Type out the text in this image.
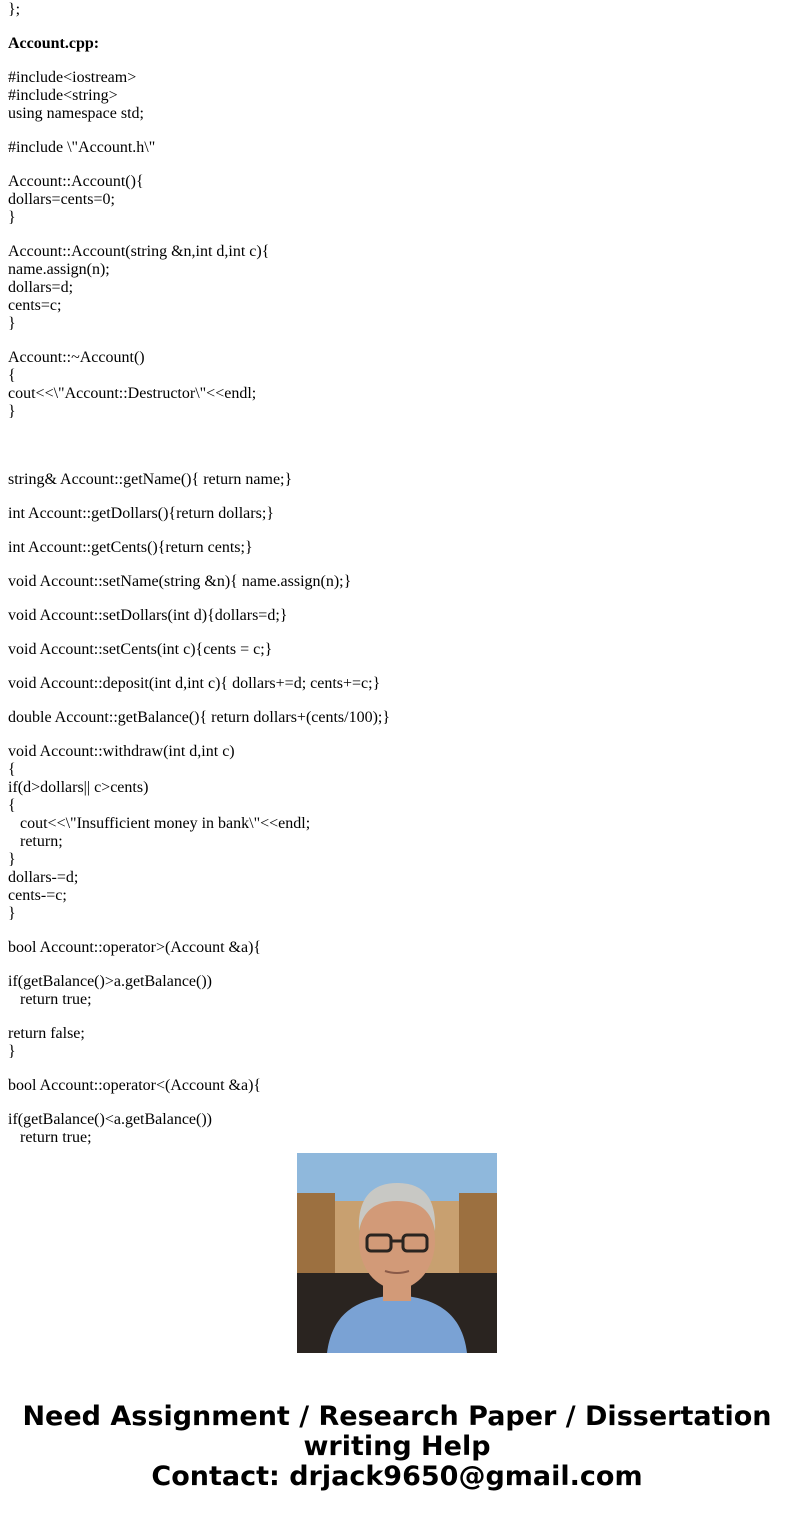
};
Account.cpp:
#include<iostream>
#include<string>
using namespace std;
#include \"Account.h\"
Account::Account(){
dollars=cents=0;
}
Account::Account(string &n,int d,int c){
name.assign(n);
dollars=d;
cents=c;
}
Account::~Account()
{
cout<<\"Account::Destructor\"<<endl;
}
string& Account::getName(){ return name;}
int Account::getDollars(){return dollars;}
int Account::getCents(){return cents;}
void Account::setName(string &n){ name.assign(n);}
void Account::setDollars(int d){dollars=d;}
void Account::setCents(int c){cents = c;}
void Account::deposit(int d,int c){ dollars+=d; cents+=c;}
double Account::getBalance(){ return dollars+(cents/100);}
void Account::withdraw(int d,int c)
{
if(d>dollars|| c>cents)
{
cout<<\"Insufficient money in bank\"<<endl;
return;
}
dollars-=d;
cents-=c;
}
bool Account::operator>(Account &a){
if(getBalance()>a.getBalance())
return true;
return false;
}
bool Account::operator<(Account &a){
if(getBalance()<a.getBalance())
return true;
Need Assignment / Research Paper / Dissertation
writing Help
Contact: drjack9650@gmail.com
